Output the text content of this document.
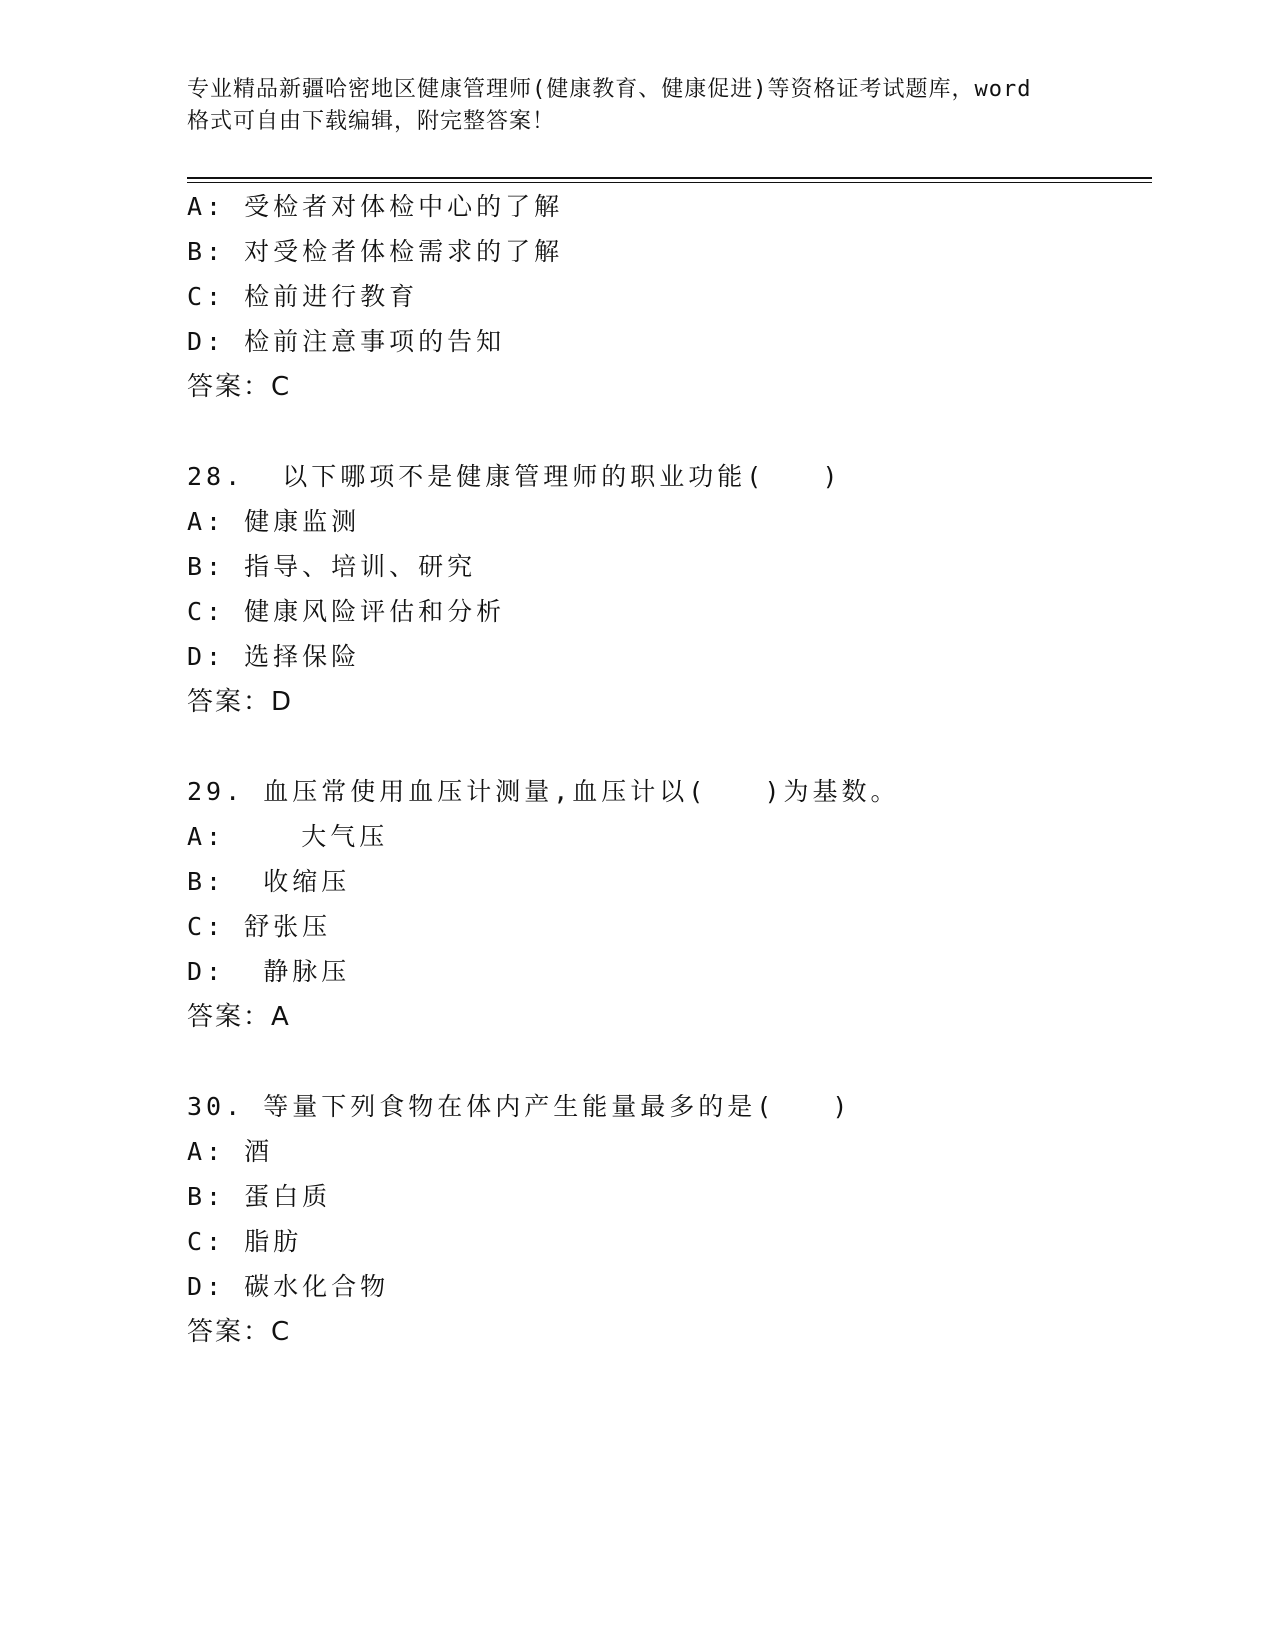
专业精品新疆哈密地区健康管理师(健康教育、健康促进)等资格证考试题库，word
格式可自由下载编辑，附完整答案！
A: 受检者对体检中心的了解
B: 对受检者体检需求的了解
C: 检前进行教育
D: 检前注意事项的告知
答案：C
28.  以下哪项不是健康管理师的职业功能(   )
A: 健康监测
B: 指导、培训、研究
C: 健康风险评估和分析
D: 选择保险
答案：D
29. 血压常使用血压计测量,血压计以(   )为基数。
A:    大气压
B:  收缩压
C: 舒张压
D:  静脉压
答案：A
30. 等量下列食物在体内产生能量最多的是(   )
A: 酒
B: 蛋白质
C: 脂肪
D: 碳水化合物
答案：C
